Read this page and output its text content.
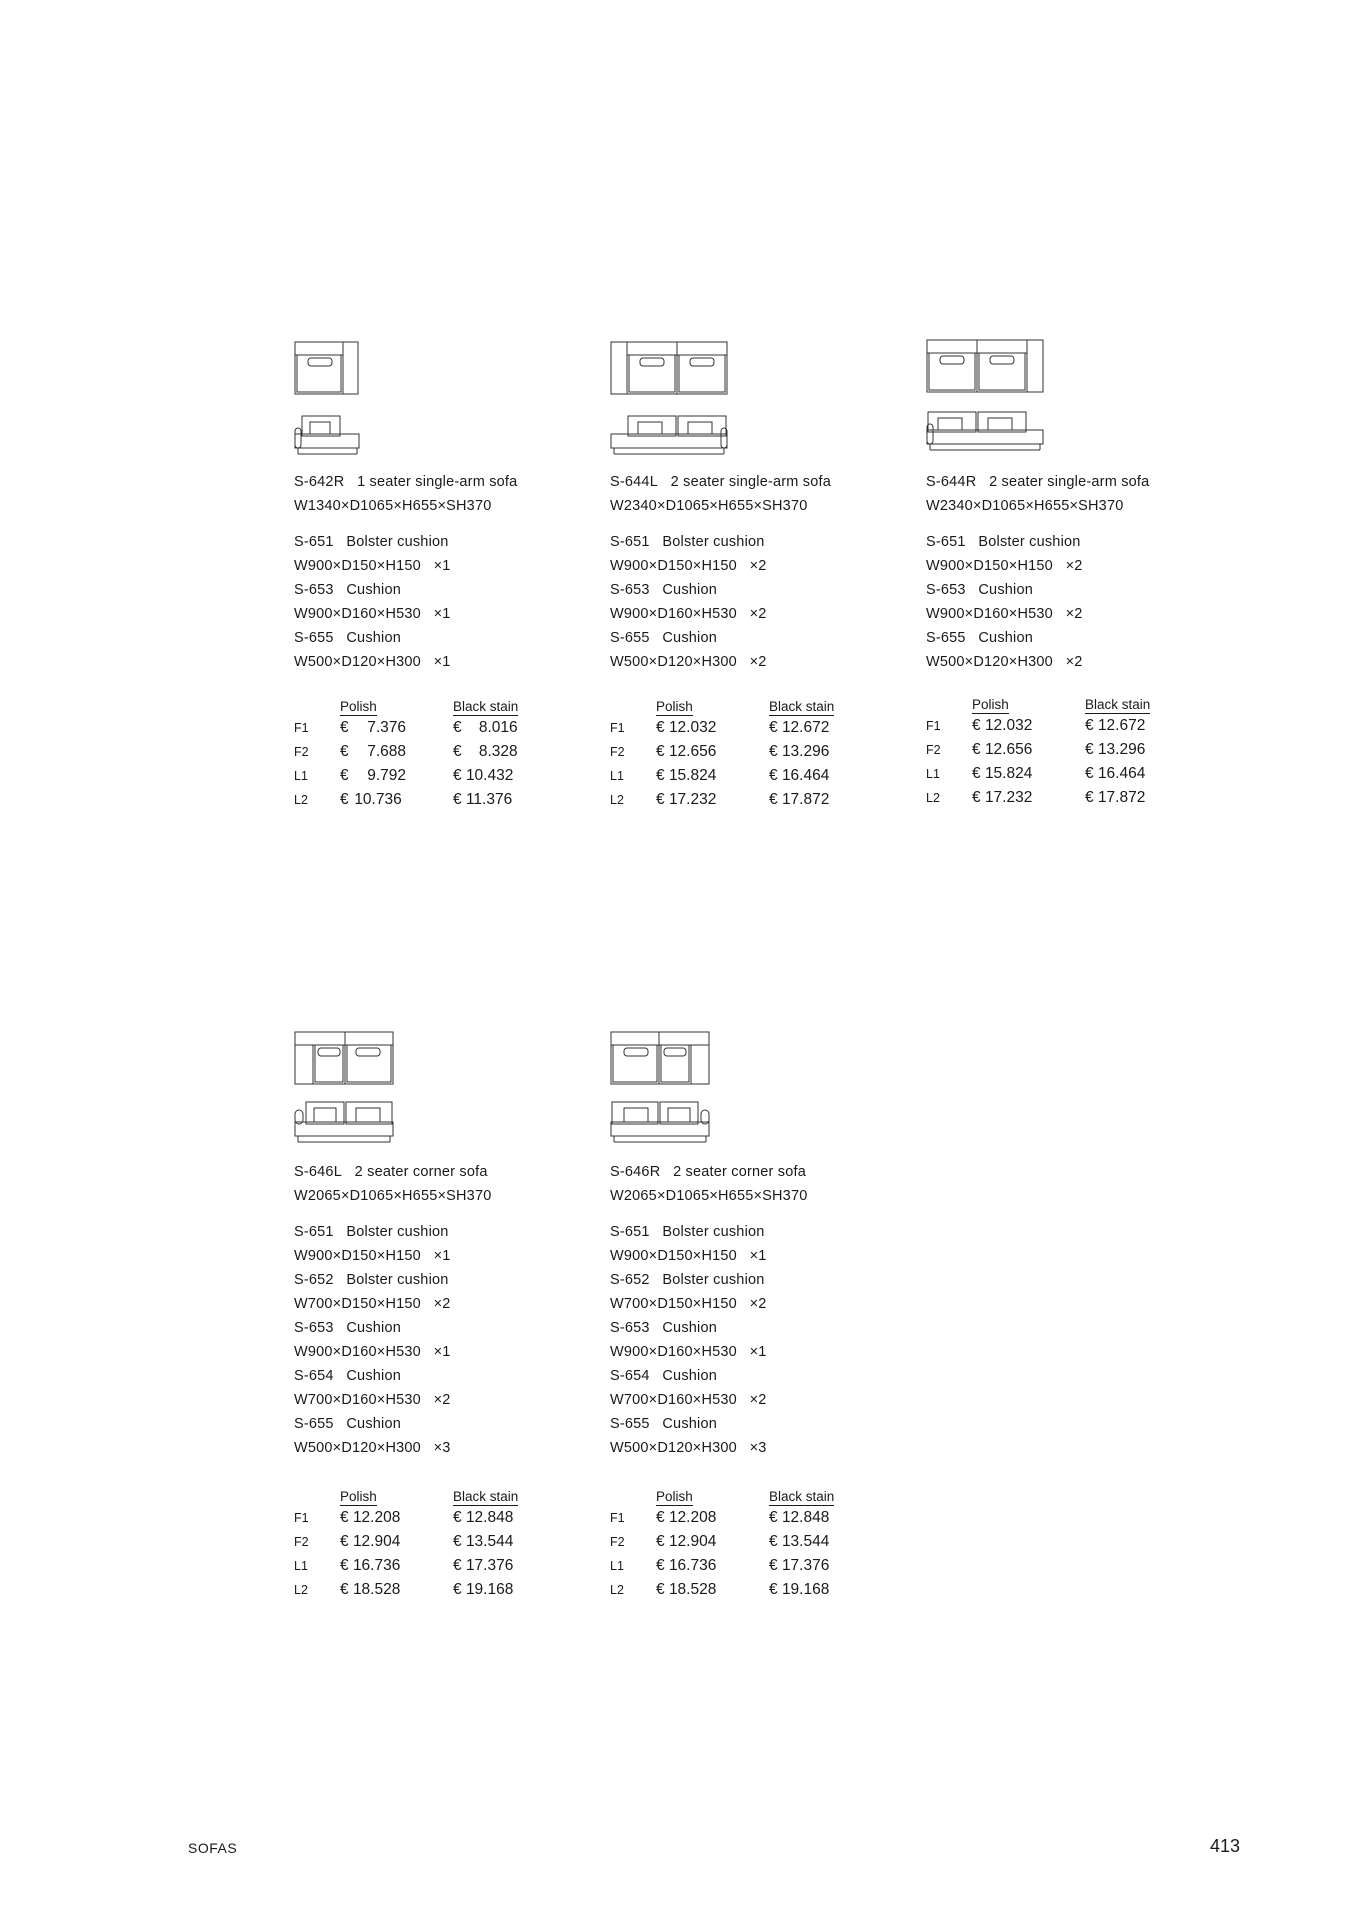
S-642R 1 seater single-arm sofa
W1340×D1065×H655×SH370
S-651 Bolster cushion
W900×D150×H150 ×1
S-653 Cushion
W900×D160×H530 ×1
S-655 Cushion
W500×D120×H300 ×1
	Polish	Black stain
F1	€ 7.376	€ 8.016
F2	€ 7.688	€ 8.328
L1	€ 9.792	€ 10.432
L2	€ 10.736	€ 11.376
S-644L 2 seater single-arm sofa
W2340×D1065×H655×SH370
S-651 Bolster cushion
W900×D150×H150 ×2
S-653 Cushion
W900×D160×H530 ×2
S-655 Cushion
W500×D120×H300 ×2
	Polish	Black stain
F1	€ 12.032	€ 12.672
F2	€ 12.656	€ 13.296
L1	€ 15.824	€ 16.464
L2	€ 17.232	€ 17.872
S-644R 2 seater single-arm sofa
W2340×D1065×H655×SH370
S-651 Bolster cushion
W900×D150×H150 ×2
S-653 Cushion
W900×D160×H530 ×2
S-655 Cushion
W500×D120×H300 ×2
	Polish	Black stain
F1	€ 12.032	€ 12.672
F2	€ 12.656	€ 13.296
L1	€ 15.824	€ 16.464
L2	€ 17.232	€ 17.872
S-646L 2 seater corner sofa
W2065×D1065×H655×SH370
S-651 Bolster cushion
W900×D150×H150 ×1
S-652 Bolster cushion
W700×D150×H150 ×2
S-653 Cushion
W900×D160×H530 ×1
S-654 Cushion
W700×D160×H530 ×2
S-655 Cushion
W500×D120×H300 ×3
	Polish	Black stain
F1	€ 12.208	€ 12.848
F2	€ 12.904	€ 13.544
L1	€ 16.736	€ 17.376
L2	€ 18.528	€ 19.168
S-646R 2 seater corner sofa
W2065×D1065×H655×SH370
S-651 Bolster cushion
W900×D150×H150 ×1
S-652 Bolster cushion
W700×D150×H150 ×2
S-653 Cushion
W900×D160×H530 ×1
S-654 Cushion
W700×D160×H530 ×2
S-655 Cushion
W500×D120×H300 ×3
	Polish	Black stain
F1	€ 12.208	€ 12.848
F2	€ 12.904	€ 13.544
L1	€ 16.736	€ 17.376
L2	€ 18.528	€ 19.168
SOFAS	413
